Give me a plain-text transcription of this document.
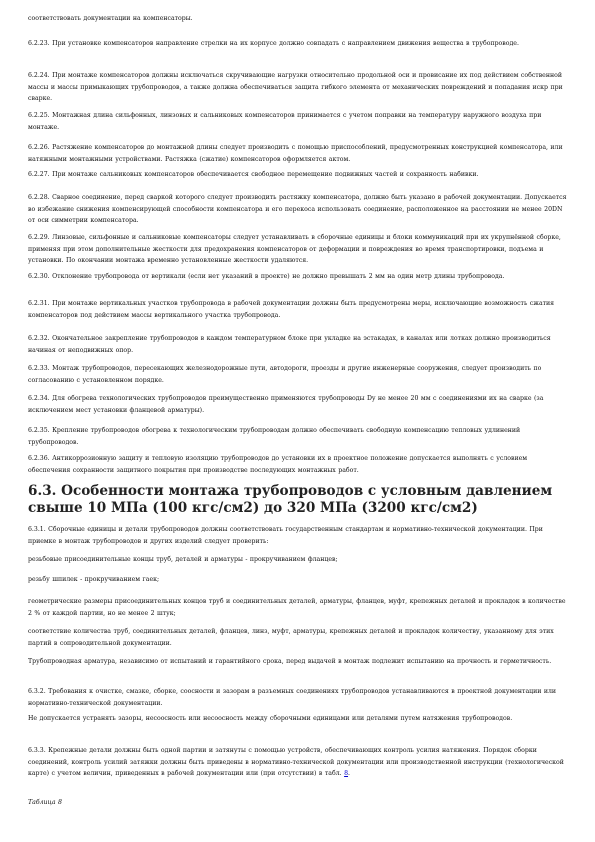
соответствовать документации на компенсаторы.

6.2.23. При установке компенсаторов направление стрелки на их корпусе должно совпадать с направлением движения вещества в трубопроводе.

6.2.24. При монтаже компенсаторов должны исключаться скручивающие нагрузки относительно продольной оси и провисание их под действием собственной массы и массы примыкающих трубопроводов, а также должна обеспечиваться защита гибкого элемента от механических повреждений и попадания искр при сварке.

6.2.25. Монтажная длина сильфонных, линзовых и сальниковых компенсаторов принимается с учетом поправки на температуру наружного воздуха при монтаже.

6.2.26. Растяжение компенсаторов до монтажной длины следует производить с помощью приспособлений, предусмотренных конструкцией компенсатора, или натяжными монтажными устройствами. Растяжка (сжатие) компенсаторов оформляется актом.

6.2.27. При монтаже сальниковых компенсаторов обеспечивается свободное перемещение подвижных частей и сохранность набивки.

6.2.28. Сварное соединение, перед сваркой которого следует производить растяжку компенсатора, должно быть указано в рабочей документации. Допускается во избежание снижения компенсирующей способности компенсатора и его перекоса использовать соединение, расположенное на расстоянии не менее 20DN от оси симметрии компенсатора.

6.2.29. Линзовые, сильфонные и сальниковые компенсаторы следует устанавливать в сборочные единицы и блоки коммуникаций при их укрупнённой сборке, применяя при этом дополнительные жесткости для предохранения компенсаторов от деформации и повреждения во время транспортировки, подъема и установки. По окончании монтажа временно установленные жесткости удаляются.

6.2.30. Отклонение трубопровода от вертикали (если нет указаний в проекте) не должно превышать 2 мм на один метр длины трубопровода.

6.2.31. При монтаже вертикальных участков трубопровода в рабочей документации должны быть предусмотрены меры, исключающие возможность сжатия компенсаторов под действием массы вертикального участка трубопровода.

6.2.32. Окончательное закрепление трубопроводов в каждом температурном блоке при укладке на эстакадах, в каналах или лотках должно производиться начиная от неподвижных опор.

6.2.33. Монтаж трубопроводов, пересекающих железнодорожные пути, автодороги, проезды и другие инженерные сооружения, следует производить по согласованию с установленном порядке.

6.2.34. Для обогрева технологических трубопроводов преимущественно применяются трубопроводы Dy не менее 20 мм с соединениями их на сварке (за исключением мест установки фланцевой арматуры).

6.2.35. Крепление трубопроводов обогрева к технологическим трубопроводам должно обеспечивать свободную компенсацию тепловых удлинений трубопроводов.

6.2.36. Антикоррозионную защиту и тепловую изоляцию трубопроводов до установки их в проектное положение допускается выполнять с условием обеспечения сохранности защитного покрытия при производстве последующих монтажных работ.

6.3. Особенности монтажа трубопроводов с условным давлением свыше 10 МПа (100 кгс/см2) до 320 МПа (3200 кгс/см2)

6.3.1. Сборочные единицы и детали трубопроводов должны соответствовать государственным стандартам и нормативно-технической документации. При приемке в монтаж трубопроводов и других изделий следует проверить:

резьбовые присоединительные концы труб, деталей и арматуры - прокручиванием фланцев;

резьбу шпилек - прокручиванием гаек;

геометрические размеры присоединительных концов труб и соединительных деталей, арматуры, фланцев, муфт, крепежных деталей и прокладок в количестве 2 % от каждой партии, но не менее 2 штук;

соответствие количества труб, соединительных деталей, фланцев, линз, муфт, арматуры, крепежных деталей и прокладок количеству, указанному для этих партий в сопроводительной документации.

Трубопроводная арматура, независимо от испытаний и гарантийного срока, перед выдачей в монтаж подлежит испытанию на прочность и герметичность.

6.3.2. Требования к очистке, смазке, сборке, соосности и зазорам в разъемных соединениях трубопроводов устанавливаются в проектной документации или нормативно-технической документации.

Не допускается устранять зазоры, несоосность или несоосность между сборочными единицами или деталями путем натяжения трубопроводов.

6.3.3. Крепежные детали должны быть одной партии и затянуты с помощью устройств, обеспечивающих контроль усилия натяжения. Порядок сборки соединений, контроль усилий затяжки должны быть приведены в нормативно-технической документации или производственной инструкции (технологической карте) с учетом величин, приведенных в рабочей документации или (при отсутствии) в табл. 8.

Таблица 8
